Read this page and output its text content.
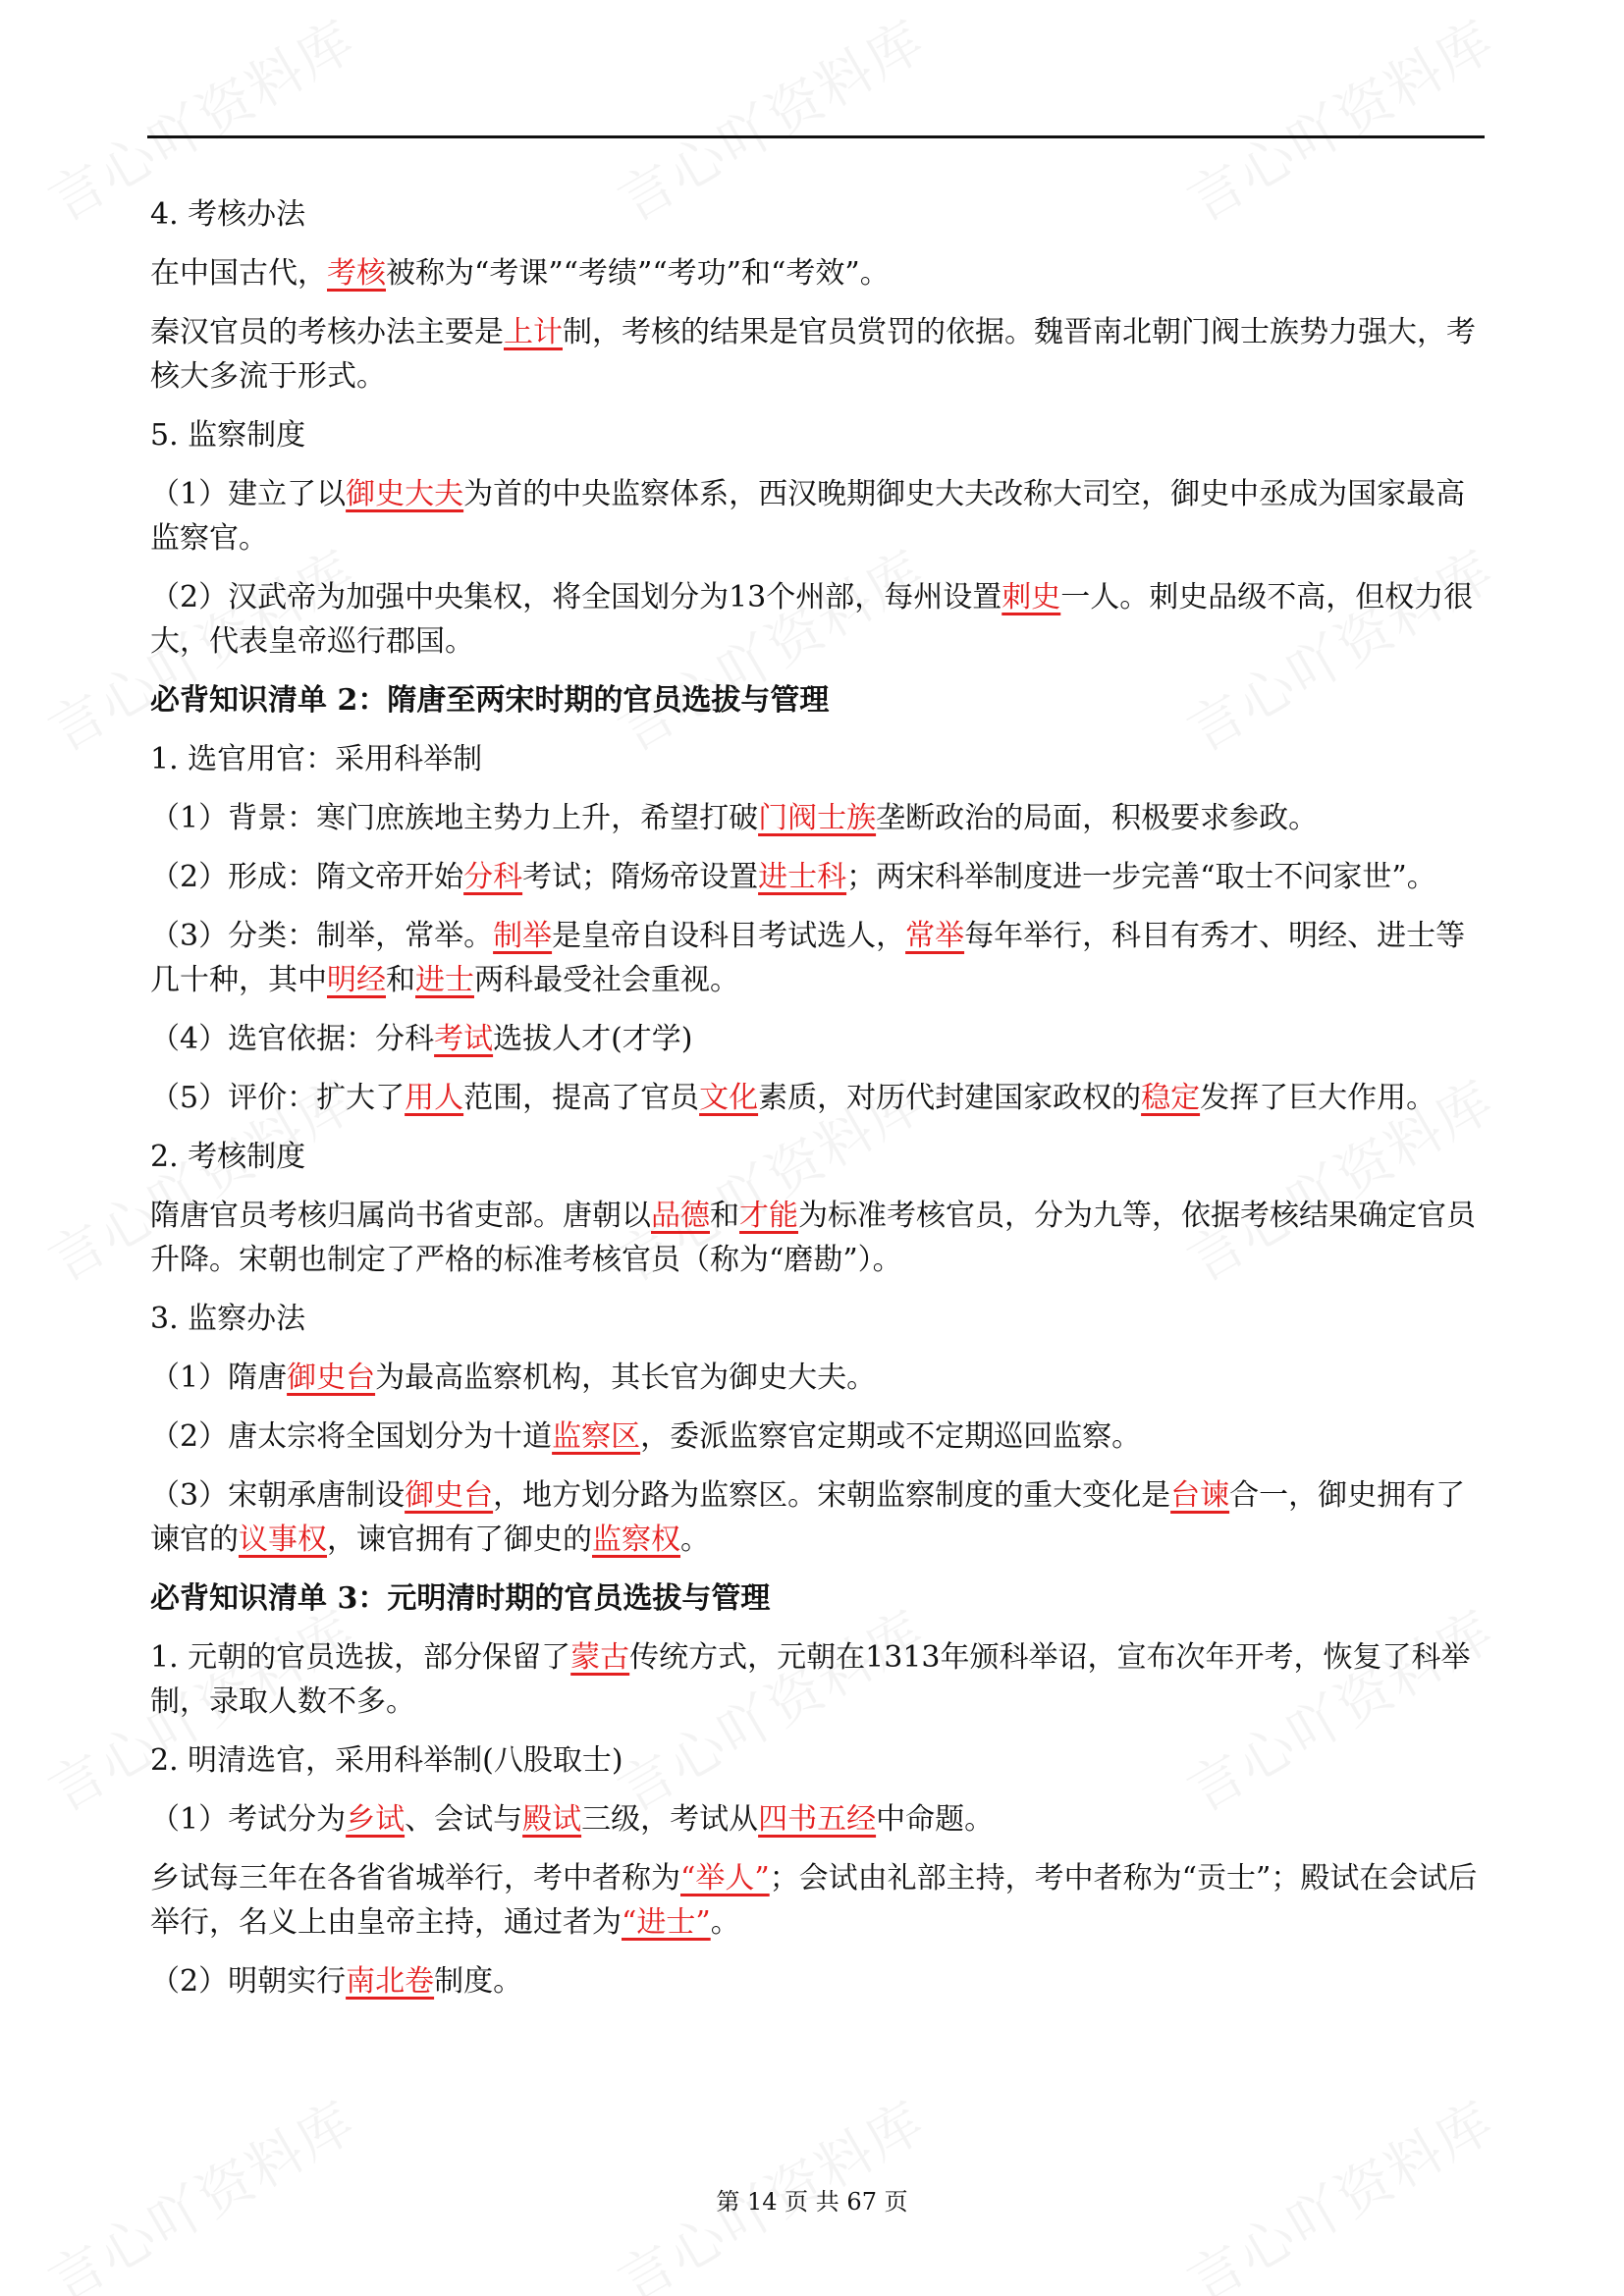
4. 考核办法

在中国古代，考核被称为“考课”“考绩”“考功”和“考效”。

秦汉官员的考核办法主要是上计制，考核的结果是官员赏罚的依据。魏晋南北朝门阀士族势力强大，考核大多流于形式。

5. 监察制度

（1）建立了以御史大夫为首的中央监察体系，西汉晚期御史大夫改称大司空，御史中丞成为国家最高监察官。

（2）汉武帝为加强中央集权，将全国划分为13个州部，每州设置刺史一人。刺史品级不高，但权力很大，代表皇帝巡行郡国。

必背知识清单 2：隋唐至两宋时期的官员选拔与管理

1. 选官用官：采用科举制

（1）背景：寒门庶族地主势力上升，希望打破门阀士族垄断政治的局面，积极要求参政。

（2）形成：隋文帝开始分科考试；隋炀帝设置进士科；两宋科举制度进一步完善“取士不问家世”。

（3）分类：制举，常举。制举是皇帝自设科目考试选人，常举每年举行，科目有秀才、明经、进士等几十种，其中明经和进士两科最受社会重视。

（4）选官依据：分科考试选拔人才(才学)

（5）评价：扩大了用人范围，提高了官员文化素质，对历代封建国家政权的稳定发挥了巨大作用。

2. 考核制度

隋唐官员考核归属尚书省吏部。唐朝以品德和才能为标准考核官员，分为九等，依据考核结果确定官员升降。宋朝也制定了严格的标准考核官员（称为“磨勘”）。

3. 监察办法

（1）隋唐御史台为最高监察机构，其长官为御史大夫。

（2）唐太宗将全国划分为十道监察区，委派监察官定期或不定期巡回监察。

（3）宋朝承唐制设御史台，地方划分路为监察区。宋朝监察制度的重大变化是台谏合一，御史拥有了谏官的议事权，谏官拥有了御史的监察权。

必背知识清单 3：元明清时期的官员选拔与管理

1. 元朝的官员选拔，部分保留了蒙古传统方式，元朝在1313年颁科举诏，宣布次年开考，恢复了科举制，录取人数不多。

2. 明清选官，采用科举制(八股取士)

（1）考试分为乡试、会试与殿试三级，考试从四书五经中命题。

乡试每三年在各省省城举行，考中者称为“举人”；会试由礼部主持，考中者称为“贡士”；殿试在会试后举行，名义上由皇帝主持，通过者为“进士”。

（2）明朝实行南北卷制度。

第 14 页 共 67 页
